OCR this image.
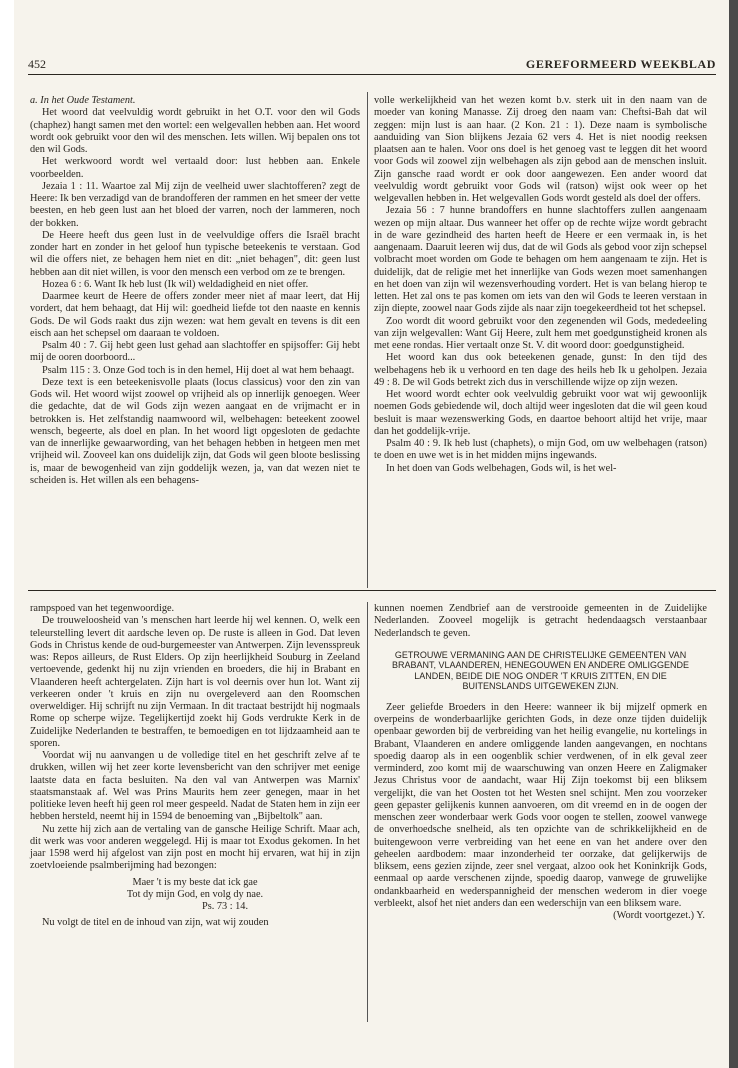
452	GEREFORMEERD WEEKBLAD

a. In het Oude Testament.

Het woord dat veelvuldig wordt gebruikt in het O.T. voor den wil Gods (chaphez) hangt samen met den wortel: een welgevallen hebben aan. Het woord wordt ook gebruikt voor den wil des menschen. Iets willen. Wij bepalen ons tot den wil Gods.

Het werkwoord wordt wel vertaald door: lust hebben aan. Enkele voorbeelden.

Jezaia 1 : 11. Waartoe zal Mij zijn de veelheid uwer slachtofferen? zegt de Heere: Ik ben verzadigd van de brandofferen der rammen en het smeer der vette beesten, en heb geen lust aan het bloed der varren, noch der lammeren, noch der bokken.

De Heere heeft dus geen lust in de veelvuldige offers die Israël bracht zonder hart en zonder in het geloof hun typische beteekenis te verstaan. God wil die offers niet, ze behagen hem niet en dit: „niet behagen", dit: geen lust hebben aan dit niet willen, is voor den mensch een verbod om ze te brengen.

Hozea 6 : 6. Want Ik heb lust (Ik wil) weldadigheid en niet offer.

Daarmee keurt de Heere de offers zonder meer niet af maar leert, dat Hij vordert, dat hem behaagt, dat Hij wil: goedheid liefde tot den naaste en kennis Gods. De wil Gods raakt dus zijn wezen: wat hem gevalt en tevens is dit een eisch aan het schepsel om daaraan te voldoen.

Psalm 40 : 7. Gij hebt geen lust gehad aan slachtoffer en spijsoffer: Gij hebt mij de ooren doorboord...

Psalm 115 : 3. Onze God toch is in den hemel, Hij doet al wat hem behaagt.

Deze text is een beteekenisvolle plaats (locus classicus) voor den zin van Gods wil. Het woord wijst zoowel op vrijheid als op innerlijk genoegen. Weer die gedachte, dat de wil Gods zijn wezen aangaat en de vrijmacht er in betrokken is. Het zelfstandig naamwoord wil, welbehagen: beteekent zoowel wensch, begeerte, als doel en plan. In het woord ligt opgesloten de gedachte van de innerlijke gewaarwording, van het behagen hebben in hetgeen men met vrijheid wil. Zooveel kan ons duidelijk zijn, dat Gods wil geen bloote beslissing is, maar de bewogenheid van zijn goddelijk wezen, ja, van dat wezen niet te scheiden is. Het willen als een behagens-

volle werkelijkheid van het wezen komt b.v. sterk uit in den naam van de moeder van koning Manasse. Zij droeg den naam van: Cheftsi-Bah dat wil zeggen: mijn lust is aan haar. (2 Kon. 21 : 1). Deze naam is symbolische aanduiding van Sion blijkens Jezaia 62 vers 4. Het is niet noodig reeksen plaatsen aan te halen. Voor ons doel is het genoeg vast te leggen dit het woord voor Gods wil zoowel zijn welbehagen als zijn gebod aan de menschen insluit. Zijn gansche raad wordt er ook door aangewezen. Een ander woord dat veelvuldig wordt gebruikt voor Gods wil (ratson) wijst ook weer op het welgevallen hebben in. Het welgevallen Gods wordt gesteld als doel der offers.

Jezaia 56 : 7 hunne brandoffers en hunne slachtoffers zullen aangenaam wezen op mijn altaar. Dus wanneer het offer op de rechte wijze wordt gebracht in de ware gezindheid des harten heeft de Heere er een vermaak in, is het aangenaam. Daaruit leeren wij dus, dat de wil Gods als gebod voor zijn schepsel volbracht moet worden om Gode te behagen om hem aangenaam te zijn. Het is duidelijk, dat de religie met het innerlijke van Gods wezen moet samenhangen en het doen van zijn wil wezensverhouding vordert. Het is van belang hierop te letten. Het zal ons te pas komen om iets van den wil Gods te leeren verstaan in zijn diepte, zoowel naar Gods zijde als naar zijn toegekeerdheid tot het schepsel.

Zoo wordt dit woord gebruikt voor den zegenenden wil Gods, mededeeling van zijn welgevallen: Want Gij Heere, zult hem met goedgunstigheid kronen als met eene rondas. Hier vertaalt onze St. V. dit woord door: goedgunstigheid.

Het woord kan dus ook beteekenen genade, gunst: In den tijd des welbehagens heb ik u verhoord en ten dage des heils heb Ik u geholpen. Jezaia 49 : 8. De wil Gods betrekt zich dus in verschillende wijze op zijn wezen.

Het woord wordt echter ook veelvuldig gebruikt voor wat wij gewoonlijk noemen Gods gebiedende wil, doch altijd weer ingesloten dat die wil geen koud besluit is maar wezenswerking Gods, en daartoe behoort altijd het vrije, maar dan het goddelijk-vrije.

Psalm 40 : 9. Ik heb lust (chaphets), o mijn God, om uw welbehagen (ratson) te doen en uwe wet is in het midden mijns ingewands.

In het doen van Gods welbehagen, Gods wil, is het wel-

rampspoed van het tegenwoordige.

De trouweloosheid van 's menschen hart leerde hij wel kennen. O, welk een teleurstelling levert dit aardsche leven op. De ruste is alleen in God. Dat leven Gods in Christus kende de oud-burgemeester van Antwerpen. Zijn levensspreuk was: Repos ailleurs, de Rust Elders. Op zijn heerlijkheid Souburg in Zeeland vertoevende, gedenkt hij nu zijn vrienden en broeders, die hij in Brabant en Vlaanderen heeft achtergelaten. Zijn hart is vol deernis over hun lot. Want zij verkeeren onder 't kruis en zijn nu overgeleverd aan den Roomschen overweldiger. Hij schrijft nu zijn Vermaan. In dit tractaat bestrijdt hij nogmaals Rome op scherpe wijze. Tegelijkertijd zoekt hij Gods verdrukte Kerk in de Zuidelijke Nederlanden te bestraffen, te bemoedigen en tot lijdzaamheid aan te sporen.

Voordat wij nu aanvangen u de volledige titel en het geschrift zelve af te drukken, willen wij het zeer korte levensbericht van den schrijver met eenige laatste data en facta besluiten. Na den val van Antwerpen was Marnix' staatsmanstaak af. Wel was Prins Maurits hem zeer genegen, maar in het politieke leven heeft hij geen rol meer gespeeld. Nadat de Staten hem in zijn eer hebben hersteld, neemt hij in 1594 de benoeming van „Bijbeltolk" aan.

Nu zette hij zich aan de vertaling van de gansche Heilige Schrift. Maar ach, dit werk was voor anderen weggelegd. Hij is maar tot Exodus gekomen. In het jaar 1598 werd hij afgelost van zijn post en mocht hij ervaren, wat hij in zijn zoetvloeiende psalmberijming had bezongen:

Maer 't is my beste dat ick gae
Tot dy mijn God, en volg dy nae.
Ps. 73 : 14.

Nu volgt de titel en de inhoud van zijn, wat wij zouden

kunnen noemen Zendbrief aan de verstrooide gemeenten in de Zuidelijke Nederlanden. Zooveel mogelijk is getracht hedendaagsch verstaanbaar Nederlandsch te geven.

GETROUWE VERMANING AAN DE CHRISTELIJKE GEMEENTEN VAN BRABANT, VLAANDEREN, HENEGOUWEN EN ANDERE OMLIGGENDE LANDEN, BEIDE DIE NOG ONDER 'T KRUIS ZITTEN, EN DIE BUITENSLANDS UITGEWEKEN ZIJN.

Zeer geliefde Broeders in den Heere: wanneer ik bij mijzelf opmerk en overpeins de wonderbaarlijke gerichten Gods, in deze onze tijden duidelijk openbaar geworden bij de verbreiding van het heilig evangelie, nu kortelings in Brabant, Vlaanderen en andere omliggende landen aangevangen, en nochtans spoedig daarop als in een oogenblik schier verdwenen, of in elk geval zeer verminderd, zoo komt mij de waarschuwing van onzen Heere en Zaligmaker Jezus Christus voor de aandacht, waar Hij Zijn toekomst bij een bliksem vergelijkt, die van het Oosten tot het Westen snel schijnt. Men zou voorzeker geen gepaster gelijkenis kunnen aanvoeren, om dit vreemd en in de oogen der menschen zeer wonderbaar werk Gods voor oogen te stellen, zoowel vanwege de onverhoedsche snelheid, als ten opzichte van de schrikkelijkheid en de buitengewoon verre verbreiding van het eene en van het andere over den geheelen aardbodem: maar inzonderheid ter oorzake, dat gelijkerwijs de bliksem, eens gezien zijnde, zeer snel vergaat, alzoo ook het Koninkrijk Gods, eenmaal op aarde verschenen zijnde, spoedig daarop, vanwege de gruwelijke ondankbaarheid en wederspannigheid der menschen wederom in dier voege verbleekt, alsof het niet anders dan een wederschijn van een bliksem ware.

(Wordt voortgezet.) Y.
